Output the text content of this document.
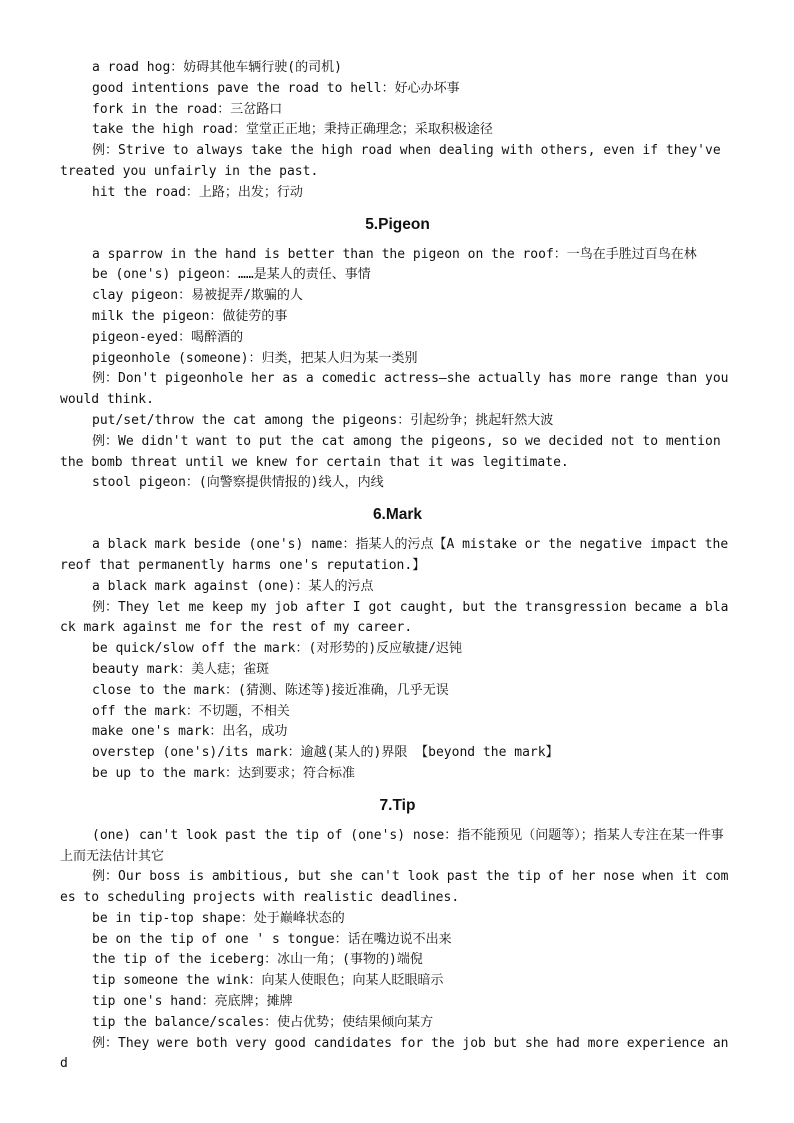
a road hog：妨碍其他车辆行驶(的司机)
good intentions pave the road to hell：好心办坏事
fork in the road：三岔路口
take the high road：堂堂正正地；秉持正确理念；采取积极途径
例：Strive to always take the high road when dealing with others, even if they've treated you unfairly in the past.
hit the road：上路；出发；行动
5.Pigeon
a sparrow in the hand is better than the pigeon on the roof：一鸟在手胜过百鸟在林
be (one's) pigeon：……是某人的责任、事情
clay pigeon：易被捉弄/欺骗的人
milk the pigeon：做徒劳的事
pigeon-eyed：喝醉酒的
pigeonhole (someone)：归类，把某人归为某一类别
例：Don't pigeonhole her as a comedic actress—she actually has more range than you would think.
put/set/throw the cat among the pigeons：引起纷争；挑起轩然大波
例：We didn't want to put the cat among the pigeons, so we decided not to mention the bomb threat until we knew for certain that it was legitimate.
stool pigeon：(向警察提供情报的)线人，内线
6.Mark
a black mark beside (one's) name：指某人的污点【A mistake or the negative impact thereof that permanently harms one's reputation.】
a black mark against (one)：某人的污点
例：They let me keep my job after I got caught, but the transgression became a black mark against me for the rest of my career.
be quick/slow off the mark：(对形势的)反应敏捷/迟钝
beauty mark：美人痣；雀斑
close to the mark：(猜测、陈述等)接近准确，几乎无误
off the mark：不切题，不相关
make one's mark：出名，成功
overstep (one's)/its mark：逾越(某人的)界限 【beyond the mark】
be up to the mark：达到要求；符合标准
7.Tip
(one) can't look past the tip of (one's) nose：指不能预见（问题等）；指某人专注在某一件事上而无法估计其它
例：Our boss is ambitious, but she can't look past the tip of her nose when it comes to scheduling projects with realistic deadlines.
be in tip-top shape：处于巅峰状态的
be on the tip of one ' s tongue：话在嘴边说不出来
the tip of the iceberg：冰山一角；(事物的)端倪
tip someone the wink：向某人使眼色；向某人眨眼暗示
tip one's hand：亮底牌；摊牌
tip the balance/scales：使占优势；使结果倾向某方
例：They were both very good candidates for the job but she had more experience and
